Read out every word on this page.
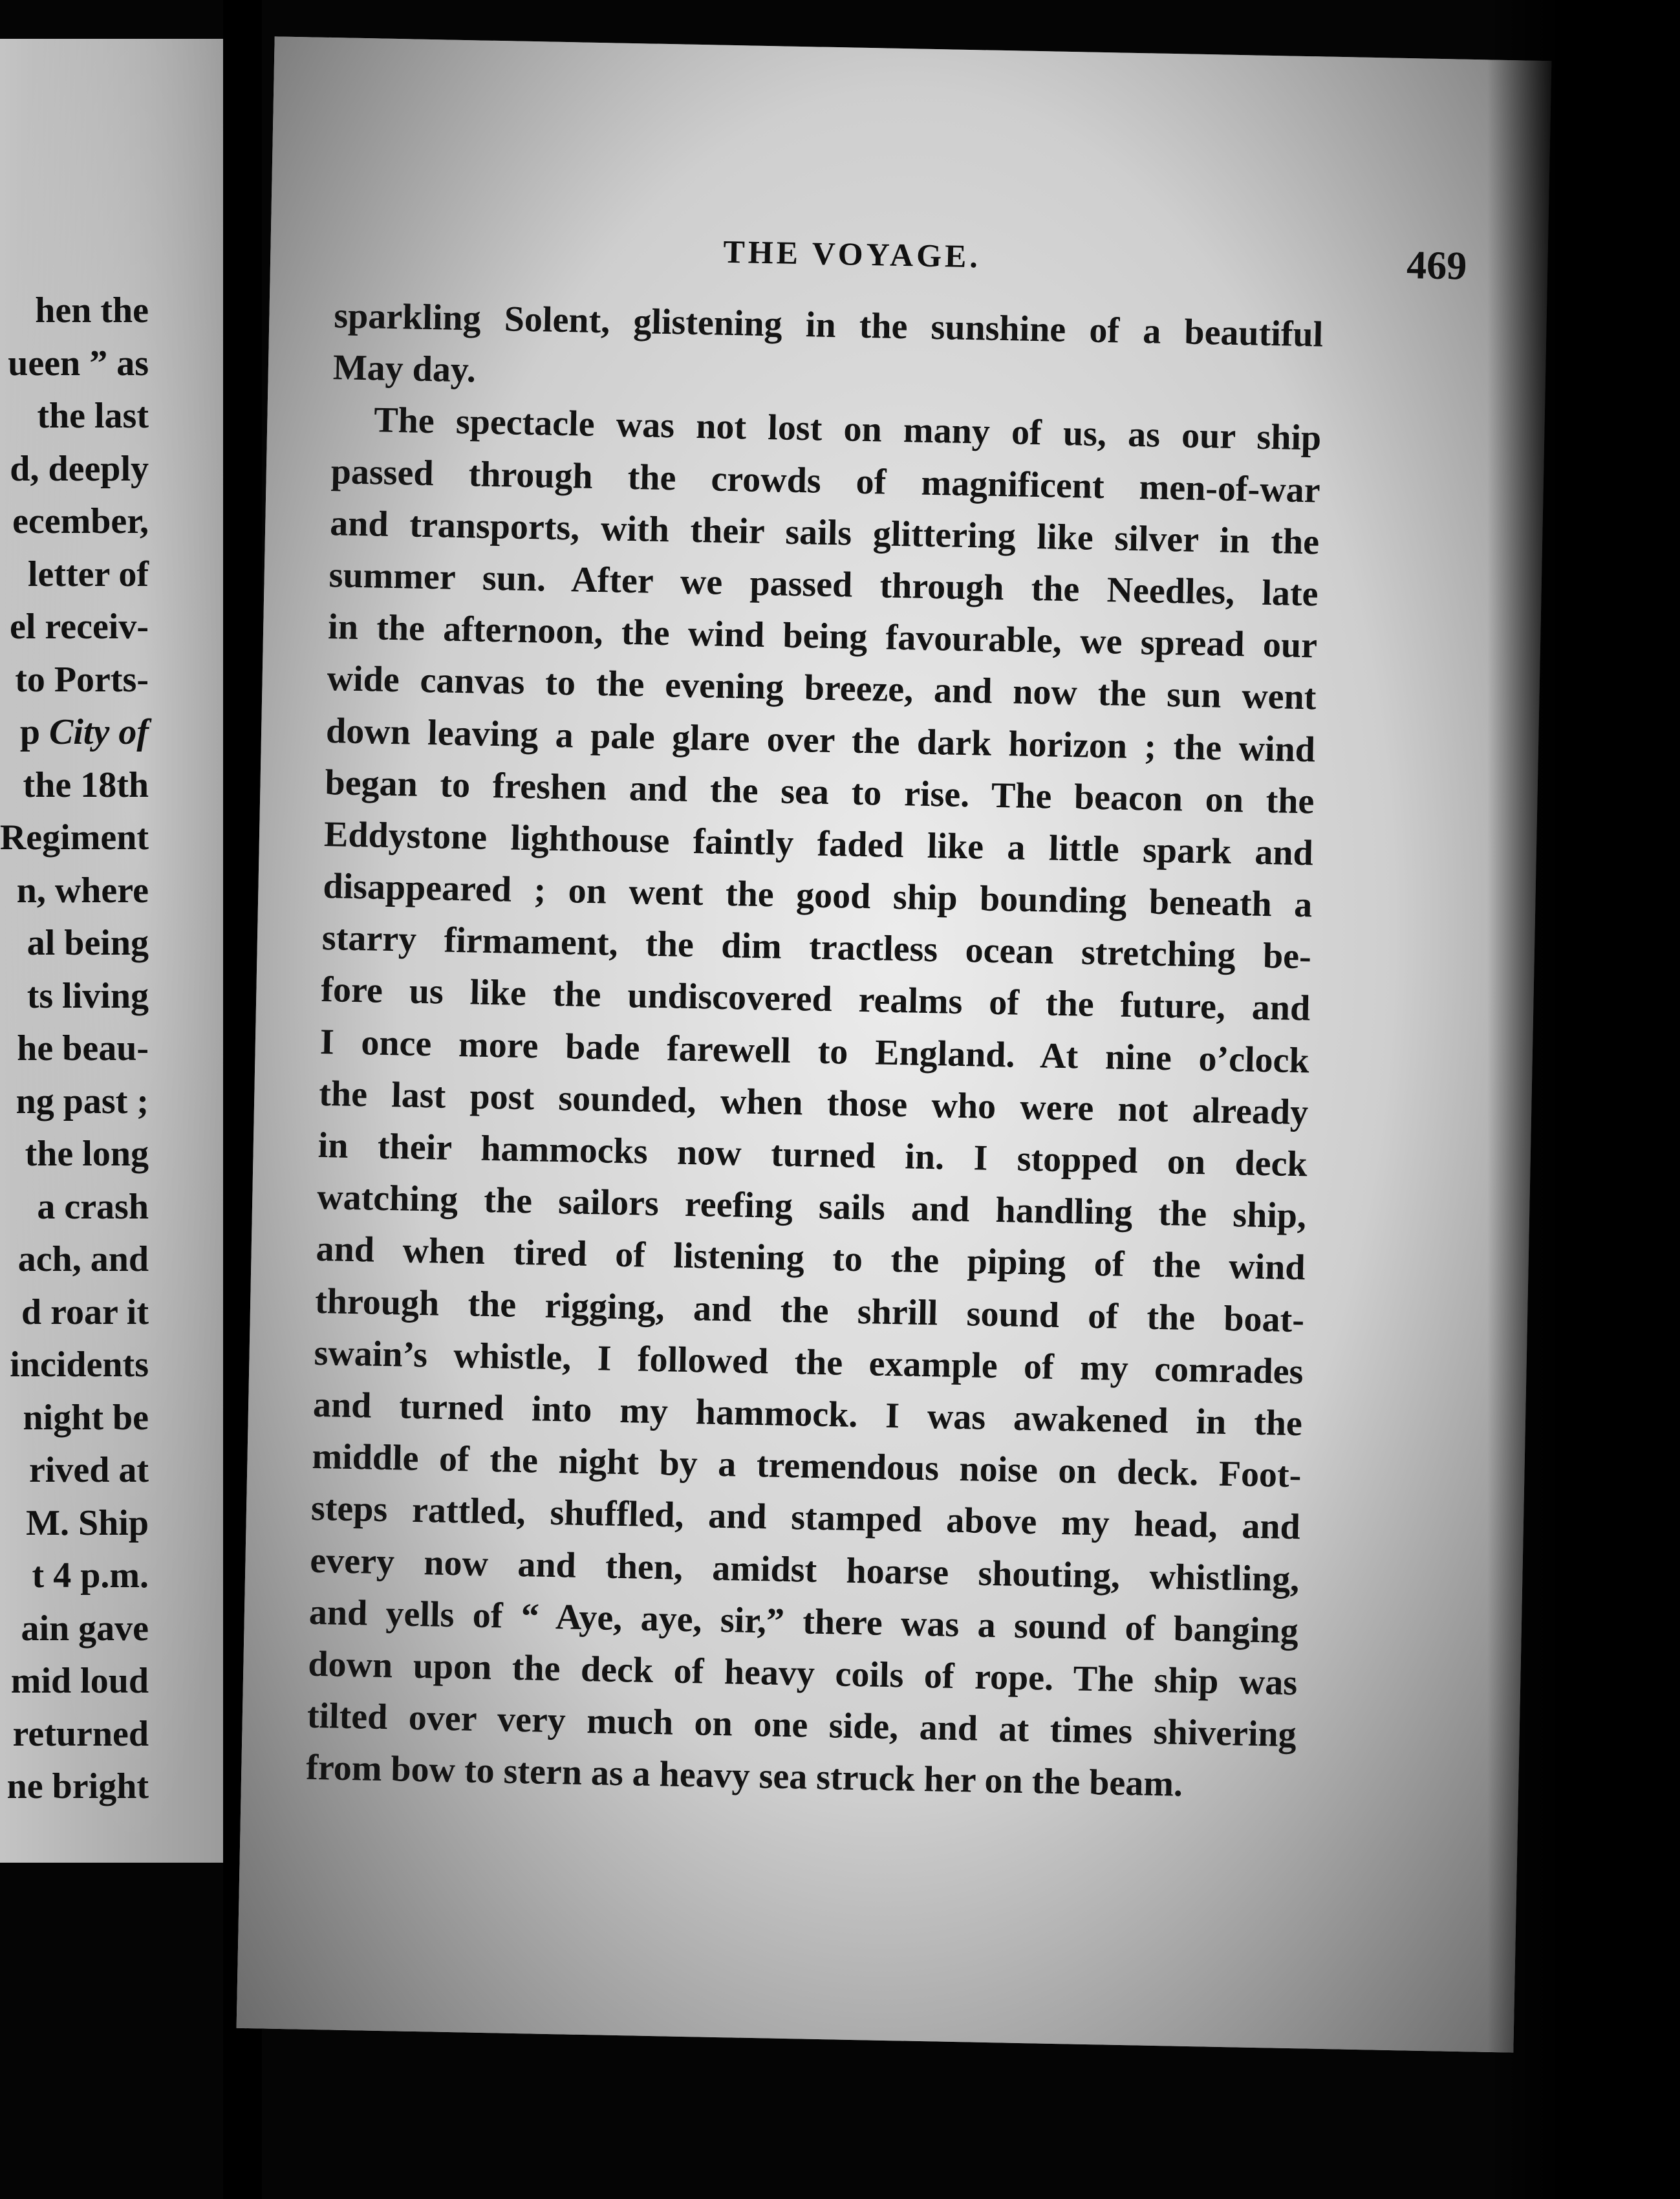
hen the
ueen ” as
the last
d, deeply
ecember,
letter of
el receiv-
to Ports-
p City of
the 18th
Regiment
n, where
al being
ts living
he beau-
ng past ;
the long
a crash
ach, and
d roar it
incidents
night be
rived at
M. Ship
t 4 p.m.
ain gave
mid loud
returned
ne bright
THE VOYAGE.	469
sparkling Solent, glistening in the sunshine of a beautiful
May day.
The spectacle was not lost on many of us, as our ship
passed through the crowds of magnificent men-of-war
and transports, with their sails glittering like silver in the
summer sun. After we passed through the Needles, late
in the afternoon, the wind being favourable, we spread our
wide canvas to the evening breeze, and now the sun went
down leaving a pale glare over the dark horizon ; the wind
began to freshen and the sea to rise. The beacon on the
Eddystone lighthouse faintly faded like a little spark and
disappeared ; on went the good ship bounding beneath a
starry firmament, the dim tractless ocean stretching be-
fore us like the undiscovered realms of the future, and
I once more bade farewell to England. At nine o’clock
the last post sounded, when those who were not already
in their hammocks now turned in. I stopped on deck
watching the sailors reefing sails and handling the ship,
and when tired of listening to the piping of the wind
through the rigging, and the shrill sound of the boat-
swain’s whistle, I followed the example of my comrades
and turned into my hammock. I was awakened in the
middle of the night by a tremendous noise on deck. Foot-
steps rattled, shuffled, and stamped above my head, and
every now and then, amidst hoarse shouting, whistling,
and yells of “ Aye, aye, sir,” there was a sound of banging
down upon the deck of heavy coils of rope. The ship was
tilted over very much on one side, and at times shivering
from bow to stern as a heavy sea struck her on the beam.
